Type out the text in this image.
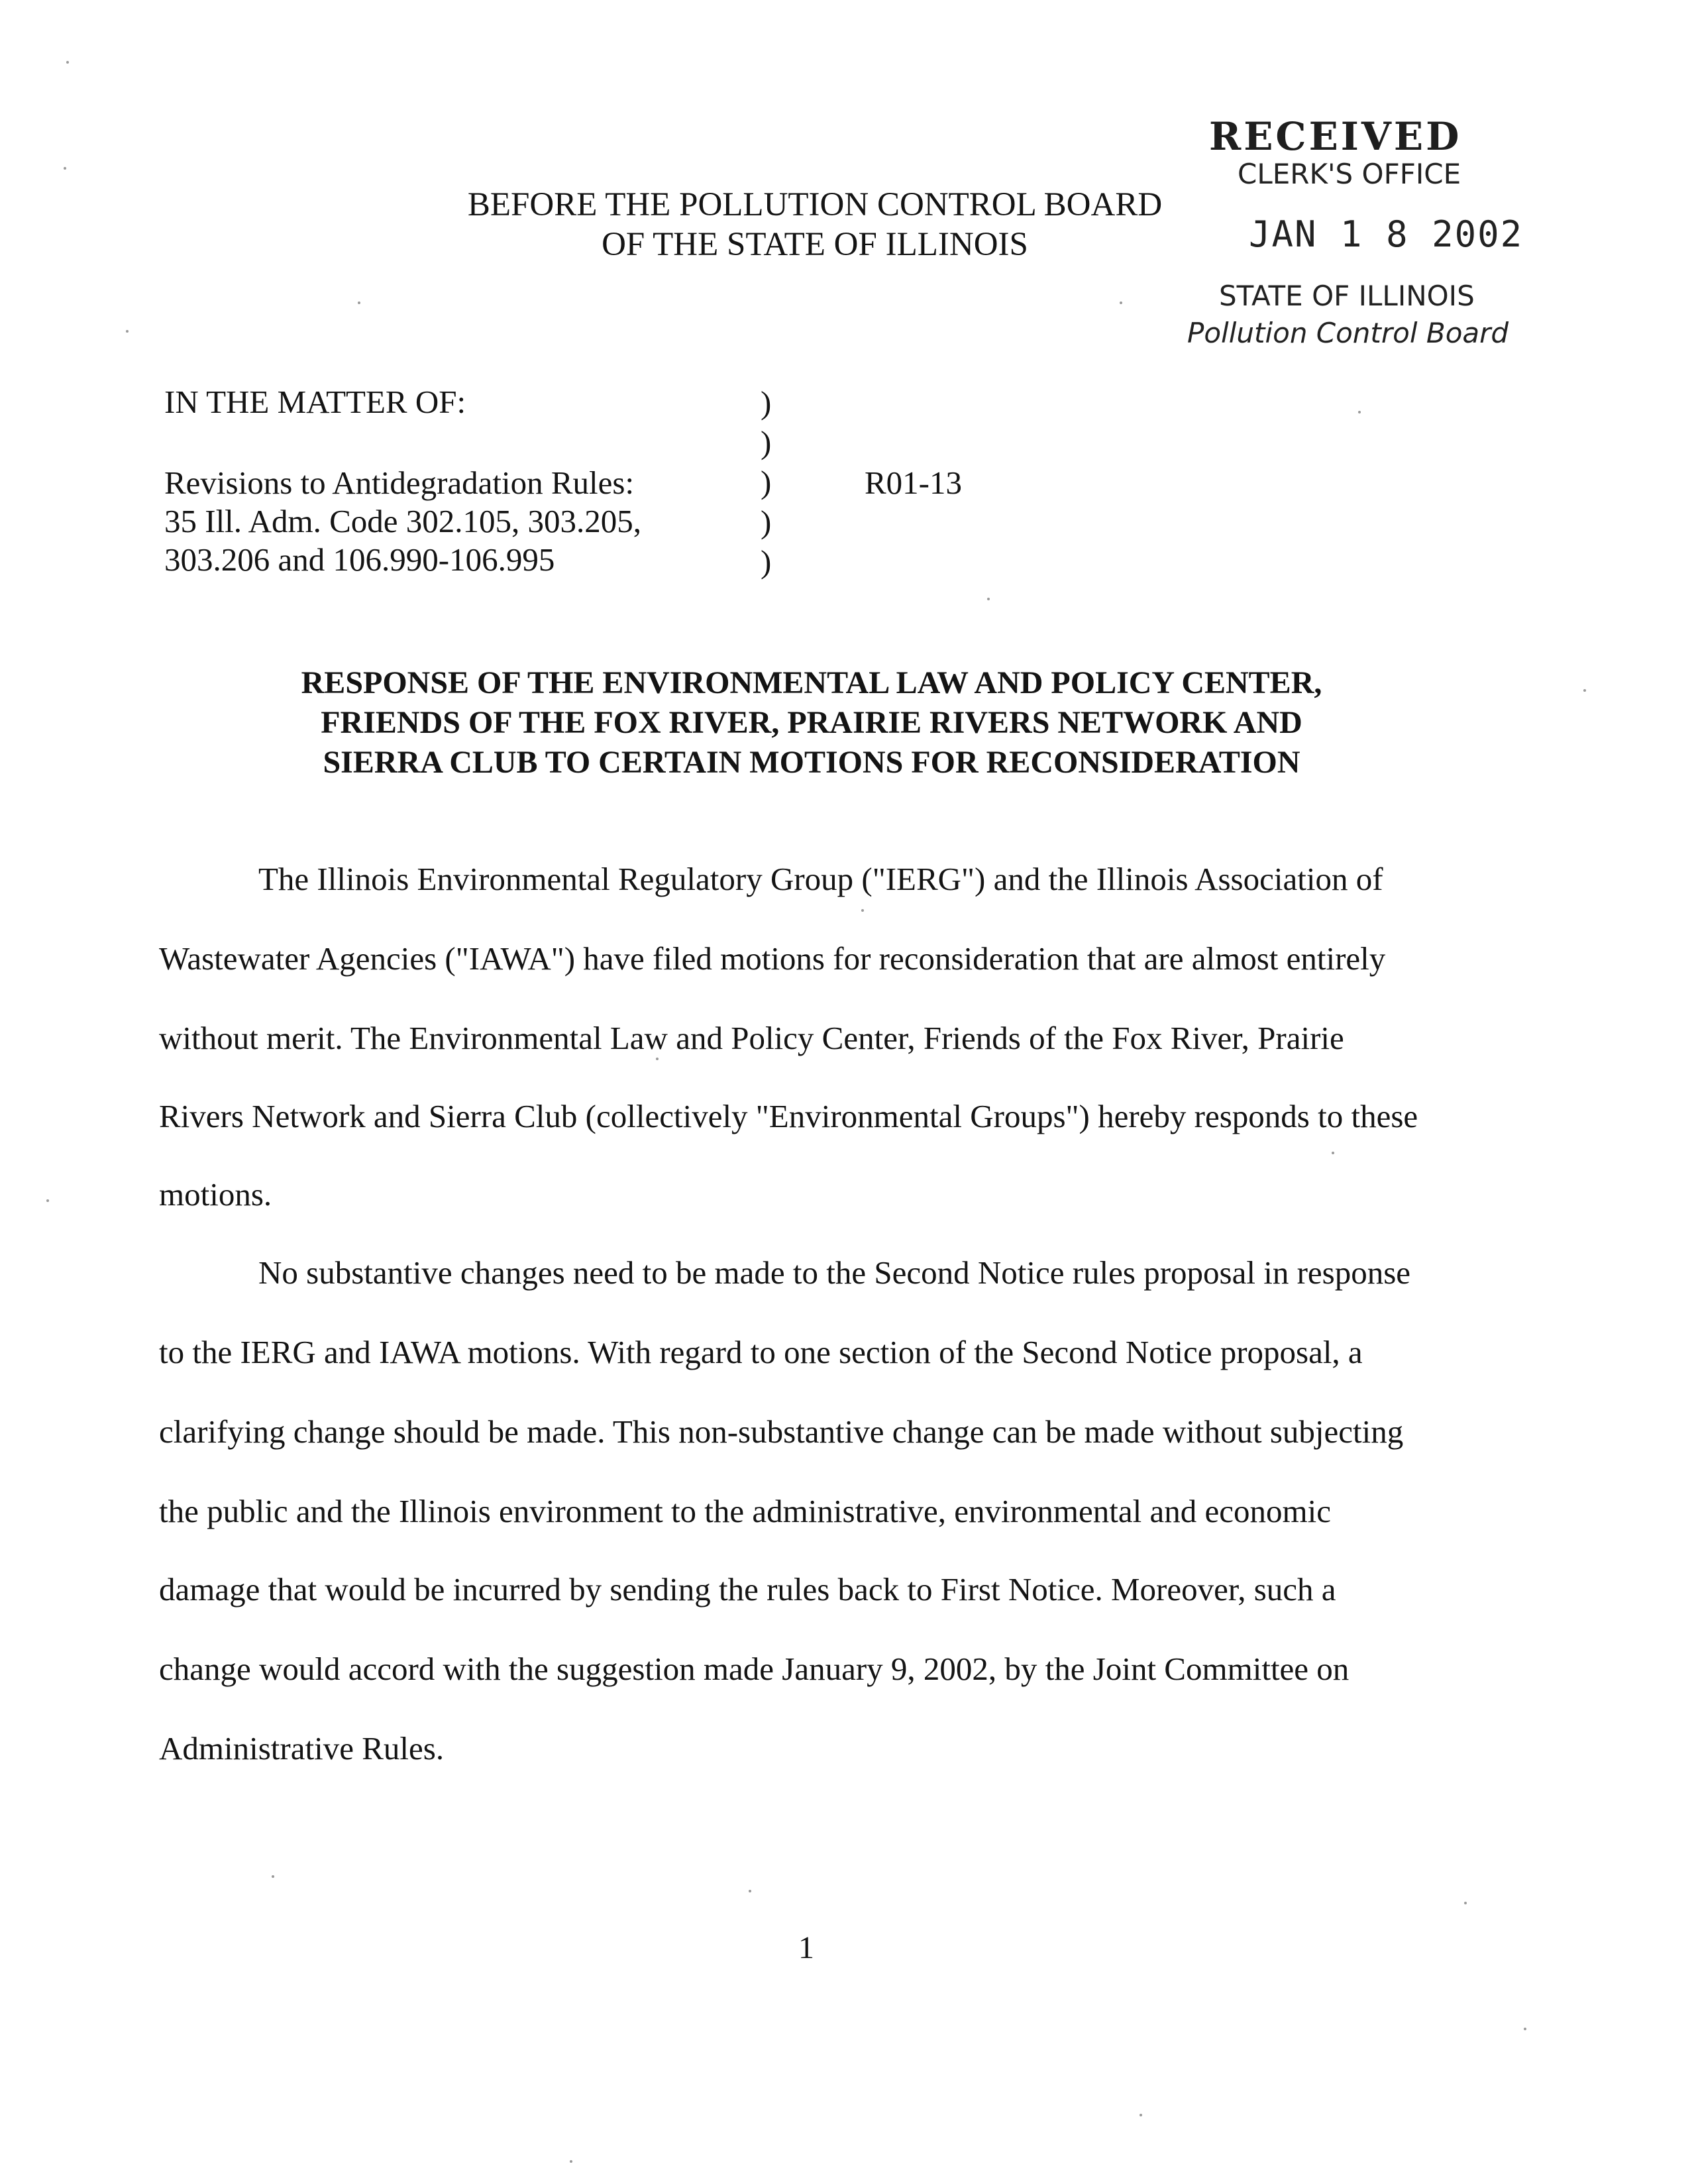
RECEIVED
CLERK'S OFFICE
JAN 1 8 2002
STATE OF ILLINOIS
Pollution Control Board
BEFORE THE POLLUTION CONTROL BOARD
OF THE STATE OF ILLINOIS
IN THE MATTER OF:
Revisions to Antidegradation Rules:
35 Ill. Adm. Code 302.105, 303.205,
303.206 and 106.990-106.995
)
)
)
)
)
R01-13
RESPONSE OF THE ENVIRONMENTAL LAW AND POLICY CENTER,
FRIENDS OF THE FOX RIVER, PRAIRIE RIVERS NETWORK AND
SIERRA CLUB TO CERTAIN MOTIONS FOR RECONSIDERATION
The Illinois Environmental Regulatory Group ("IERG") and the Illinois Association of
Wastewater Agencies ("IAWA") have filed motions for reconsideration that are almost entirely
without merit. The Environmental Law and Policy Center, Friends of the Fox River, Prairie
Rivers Network and Sierra Club (collectively "Environmental Groups") hereby responds to these
motions.
No substantive changes need to be made to the Second Notice rules proposal in response
to the IERG and IAWA motions. With regard to one section of the Second Notice proposal, a
clarifying change should be made. This non-substantive change can be made without subjecting
the public and the Illinois environment to the administrative, environmental and economic
damage that would be incurred by sending the rules back to First Notice. Moreover, such a
change would accord with the suggestion made January 9, 2002, by the Joint Committee on
Administrative Rules.
1
